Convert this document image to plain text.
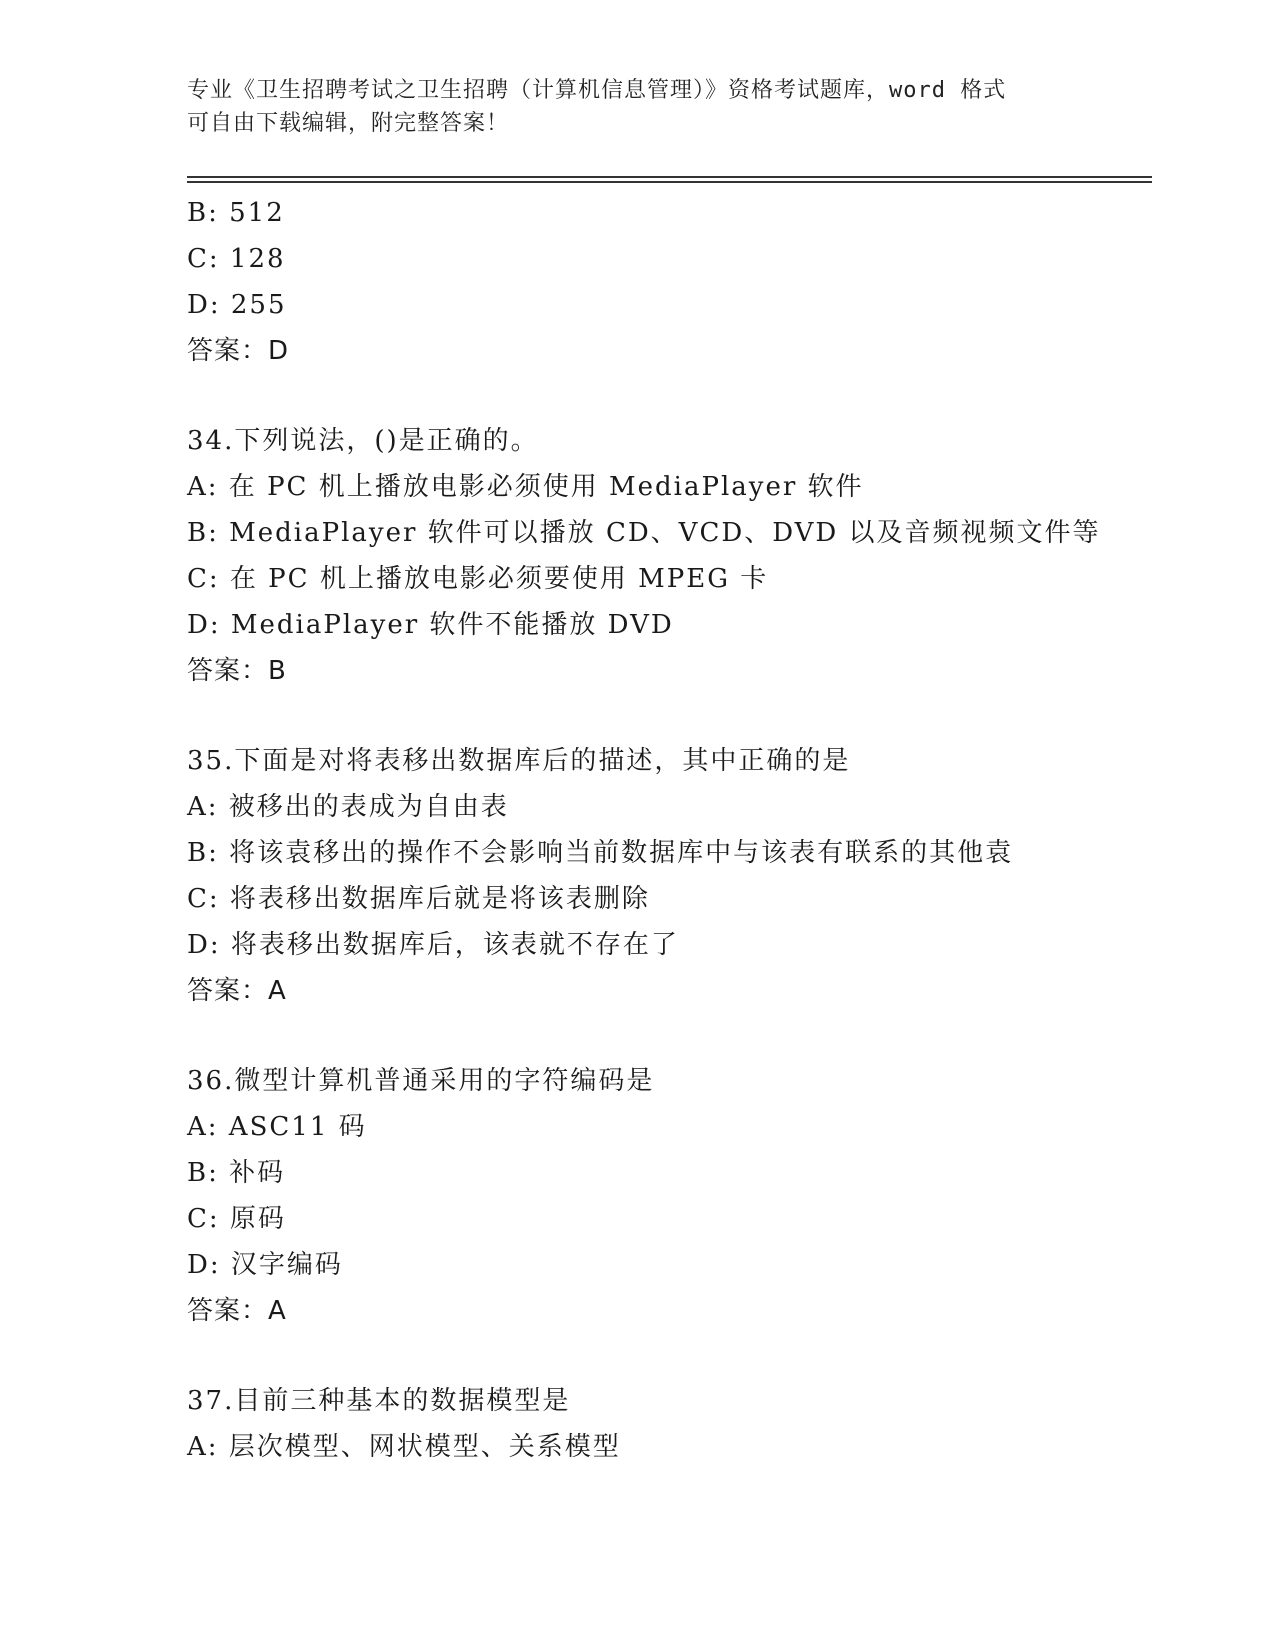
专业《卫生招聘考试之卫生招聘（计算机信息管理）》资格考试题库，word 格式
可自由下载编辑，附完整答案！
B: 512
C: 128
D: 255
答案：D
34.下列说法，()是正确的。
A: 在 PC 机上播放电影必须使用 MediaPlayer 软件
B: MediaPlayer 软件可以播放 CD、VCD、DVD 以及音频视频文件等
C: 在 PC 机上播放电影必须要使用 MPEG 卡
D: MediaPlayer 软件不能播放 DVD
答案：B
35.下面是对将表移出数据库后的描述，其中正确的是
A: 被移出的表成为自由表
B: 将该袁移出的操作不会影响当前数据库中与该表有联系的其他袁
C: 将表移出数据库后就是将该表删除
D: 将表移出数据库后，该表就不存在了
答案：A
36.微型计算机普通采用的字符编码是
A: ASC11 码
B: 补码
C: 原码
D: 汉字编码
答案：A
37.目前三种基本的数据模型是
A: 层次模型、网状模型、关系模型
